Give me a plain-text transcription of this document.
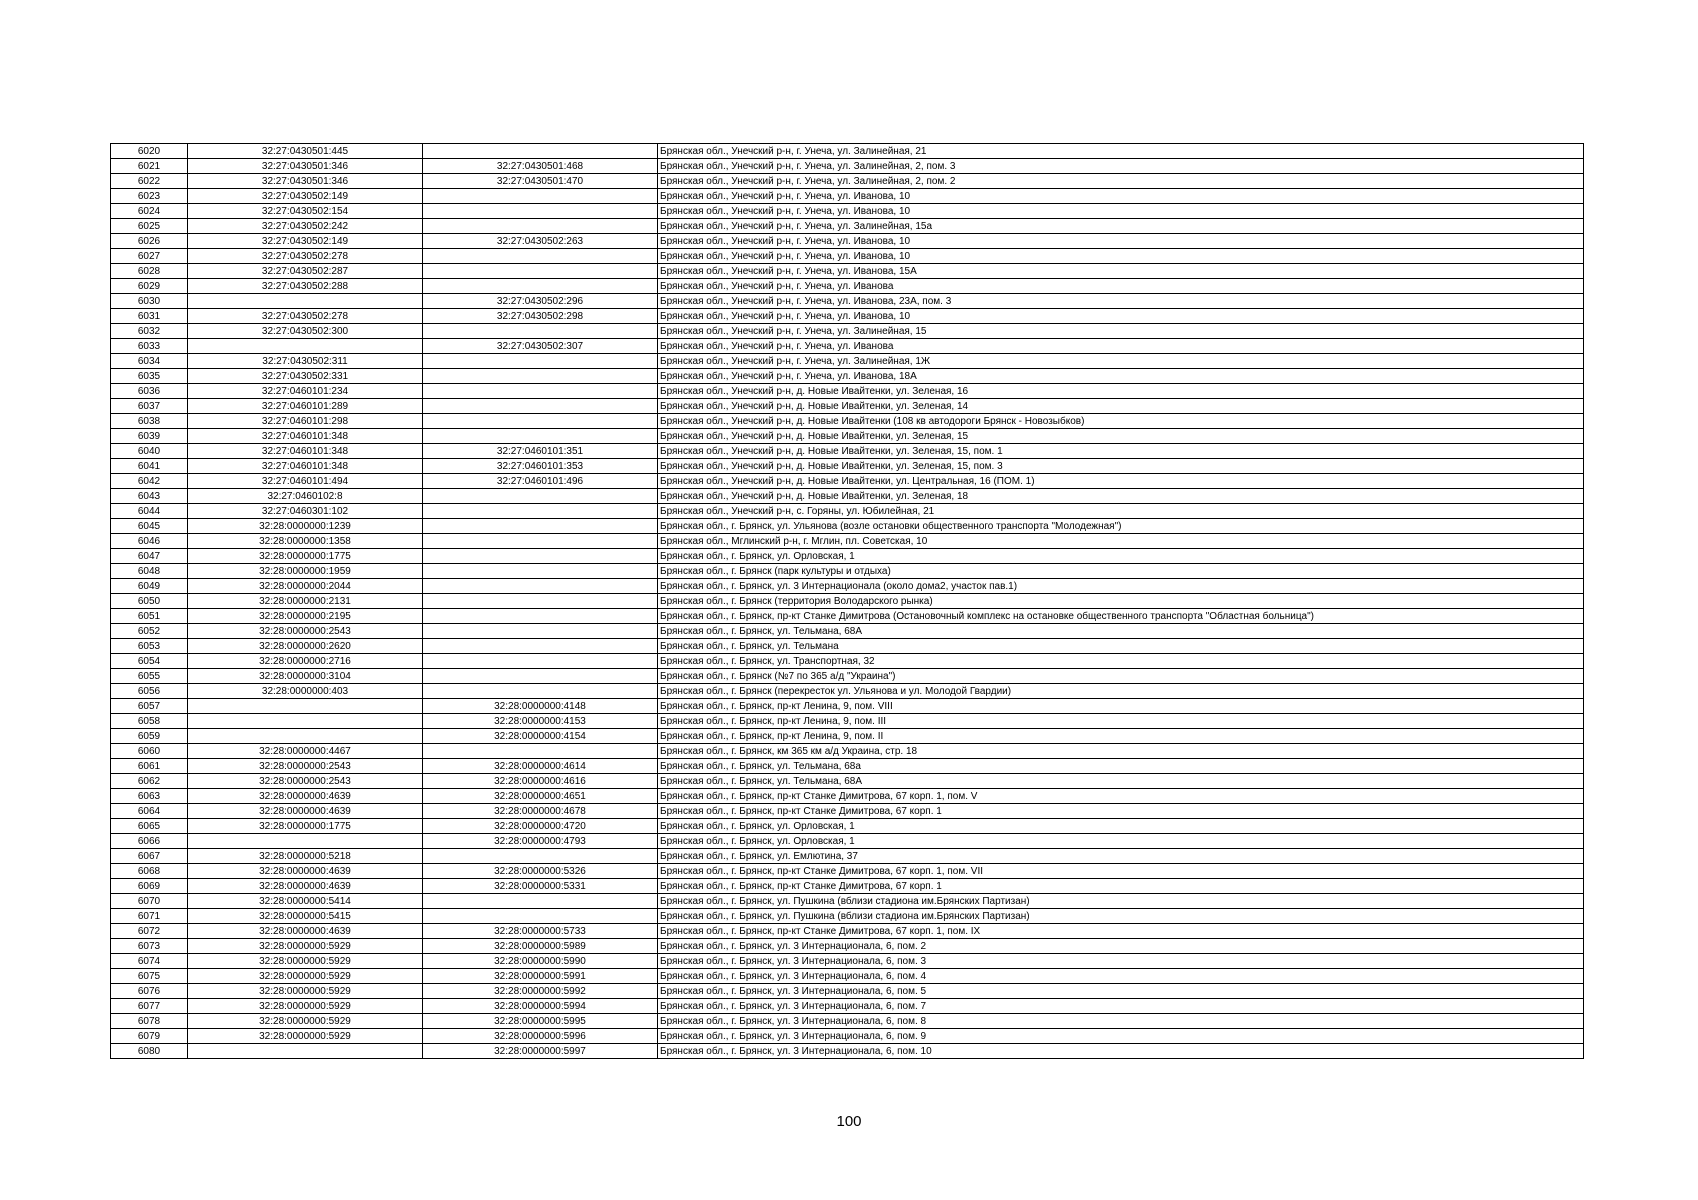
6020	32:27:0430501:445		Брянская обл., Унечский р-н, г. Унеча, ул. Залинейная, 21
6021	32:27:0430501:346	32:27:0430501:468	Брянская обл., Унечский р-н, г. Унеча, ул. Залинейная, 2, пом. 3
6022	32:27:0430501:346	32:27:0430501:470	Брянская обл., Унечский р-н, г. Унеча, ул. Залинейная, 2, пом. 2
6023	32:27:0430502:149		Брянская обл., Унечский р-н, г. Унеча, ул. Иванова, 10
6024	32:27:0430502:154		Брянская обл., Унечский р-н, г. Унеча, ул. Иванова, 10
6025	32:27:0430502:242		Брянская обл., Унечский р-н, г. Унеча, ул. Залинейная, 15а
6026	32:27:0430502:149	32:27:0430502:263	Брянская обл., Унечский р-н, г. Унеча, ул. Иванова, 10
6027	32:27:0430502:278		Брянская обл., Унечский р-н, г. Унеча, ул. Иванова, 10
6028	32:27:0430502:287		Брянская обл., Унечский р-н, г. Унеча, ул. Иванова, 15А
6029	32:27:0430502:288		Брянская обл., Унечский р-н, г. Унеча, ул. Иванова
6030		32:27:0430502:296	Брянская обл., Унечский р-н, г. Унеча, ул. Иванова, 23А, пом. 3
6031	32:27:0430502:278	32:27:0430502:298	Брянская обл., Унечский р-н, г. Унеча, ул. Иванова, 10
6032	32:27:0430502:300		Брянская обл., Унечский р-н, г. Унеча, ул. Залинейная, 15
6033		32:27:0430502:307	Брянская обл., Унечский р-н, г. Унеча, ул. Иванова
6034	32:27:0430502:311		Брянская обл., Унечский р-н, г. Унеча, ул. Залинейная, 1Ж
6035	32:27:0430502:331		Брянская обл., Унечский р-н, г. Унеча, ул. Иванова, 18А
6036	32:27:0460101:234		Брянская обл., Унечский р-н, д. Новые Ивайтенки, ул. Зеленая, 16
6037	32:27:0460101:289		Брянская обл., Унечский р-н, д. Новые Ивайтенки, ул. Зеленая, 14
6038	32:27:0460101:298		Брянская обл., Унечский р-н, д. Новые Ивайтенки (108 кв автодороги Брянск - Новозыбков)
6039	32:27:0460101:348		Брянская обл., Унечский р-н, д. Новые Ивайтенки, ул. Зеленая, 15
6040	32:27:0460101:348	32:27:0460101:351	Брянская обл., Унечский р-н, д. Новые Ивайтенки, ул. Зеленая, 15, пом. 1
6041	32:27:0460101:348	32:27:0460101:353	Брянская обл., Унечский р-н, д. Новые Ивайтенки, ул. Зеленая, 15, пом. 3
6042	32:27:0460101:494	32:27:0460101:496	Брянская обл., Унечский р-н, д. Новые Ивайтенки, ул. Центральная, 16 (ПОМ. 1)
6043	32:27:0460102:8		Брянская обл., Унечский р-н, д. Новые Ивайтенки, ул. Зеленая, 18
6044	32:27:0460301:102		Брянская обл., Унечский р-н, с. Горяны, ул. Юбилейная, 21
6045	32:28:0000000:1239		Брянская обл., г. Брянск, ул. Ульянова (возле остановки общественного транспорта "Молодежная")
6046	32:28:0000000:1358		Брянская обл., Мглинский р-н, г. Мглин, пл. Советская, 10
6047	32:28:0000000:1775		Брянская обл., г. Брянск, ул. Орловская, 1
6048	32:28:0000000:1959		Брянская обл., г. Брянск (парк культуры и отдыха)
6049	32:28:0000000:2044		Брянская обл., г. Брянск, ул. 3 Интернационала (около дома2, участок пав.1)
6050	32:28:0000000:2131		Брянская обл., г. Брянск (территория Володарского рынка)
6051	32:28:0000000:2195		Брянская обл., г. Брянск, пр-кт Станке Димитрова (Остановочный комплекс на остановке общественного транспорта "Областная больница")
6052	32:28:0000000:2543		Брянская обл., г. Брянск, ул. Тельмана, 68А
6053	32:28:0000000:2620		Брянская обл., г. Брянск, ул. Тельмана
6054	32:28:0000000:2716		Брянская обл., г. Брянск, ул. Транспортная, 32
6055	32:28:0000000:3104		Брянская обл., г. Брянск (№7 по 365 а/д "Украина")
6056	32:28:0000000:403		Брянская обл., г. Брянск (перекресток ул. Ульянова и ул. Молодой Гвардии)
6057		32:28:0000000:4148	Брянская обл., г. Брянск, пр-кт Ленина, 9, пом. VIII
6058		32:28:0000000:4153	Брянская обл., г. Брянск, пр-кт Ленина, 9, пом. III
6059		32:28:0000000:4154	Брянская обл., г. Брянск, пр-кт Ленина, 9, пом. II
6060	32:28:0000000:4467		Брянская обл., г. Брянск, км 365 км а/д Украина, стр. 18
6061	32:28:0000000:2543	32:28:0000000:4614	Брянская обл., г. Брянск, ул. Тельмана, 68а
6062	32:28:0000000:2543	32:28:0000000:4616	Брянская обл., г. Брянск, ул. Тельмана, 68А
6063	32:28:0000000:4639	32:28:0000000:4651	Брянская обл., г. Брянск, пр-кт Станке Димитрова, 67 корп. 1, пом. V
6064	32:28:0000000:4639	32:28:0000000:4678	Брянская обл., г. Брянск, пр-кт Станке Димитрова, 67 корп. 1
6065	32:28:0000000:1775	32:28:0000000:4720	Брянская обл., г. Брянск, ул. Орловская, 1
6066		32:28:0000000:4793	Брянская обл., г. Брянск, ул. Орловская, 1
6067	32:28:0000000:5218		Брянская обл., г. Брянск, ул. Емлютина, 37
6068	32:28:0000000:4639	32:28:0000000:5326	Брянская обл., г. Брянск, пр-кт Станке Димитрова, 67 корп. 1, пом. VII
6069	32:28:0000000:4639	32:28:0000000:5331	Брянская обл., г. Брянск, пр-кт Станке Димитрова, 67 корп. 1
6070	32:28:0000000:5414		Брянская обл., г. Брянск, ул. Пушкина (вблизи стадиона им.Брянских Партизан)
6071	32:28:0000000:5415		Брянская обл., г. Брянск, ул. Пушкина (вблизи стадиона им.Брянских Партизан)
6072	32:28:0000000:4639	32:28:0000000:5733	Брянская обл., г. Брянск, пр-кт Станке Димитрова, 67 корп. 1, пом. IX
6073	32:28:0000000:5929	32:28:0000000:5989	Брянская обл., г. Брянск, ул. 3 Интернационала, 6, пом. 2
6074	32:28:0000000:5929	32:28:0000000:5990	Брянская обл., г. Брянск, ул. 3 Интернационала, 6, пом. 3
6075	32:28:0000000:5929	32:28:0000000:5991	Брянская обл., г. Брянск, ул. 3 Интернационала, 6, пом. 4
6076	32:28:0000000:5929	32:28:0000000:5992	Брянская обл., г. Брянск, ул. 3 Интернационала, 6, пом. 5
6077	32:28:0000000:5929	32:28:0000000:5994	Брянская обл., г. Брянск, ул. 3 Интернационала, 6, пом. 7
6078	32:28:0000000:5929	32:28:0000000:5995	Брянская обл., г. Брянск, ул. 3 Интернационала, 6, пом. 8
6079	32:28:0000000:5929	32:28:0000000:5996	Брянская обл., г. Брянск, ул. 3 Интернационала, 6, пом. 9
6080		32:28:0000000:5997	Брянская обл., г. Брянск, ул. 3 Интернационала, 6, пом. 10
100
